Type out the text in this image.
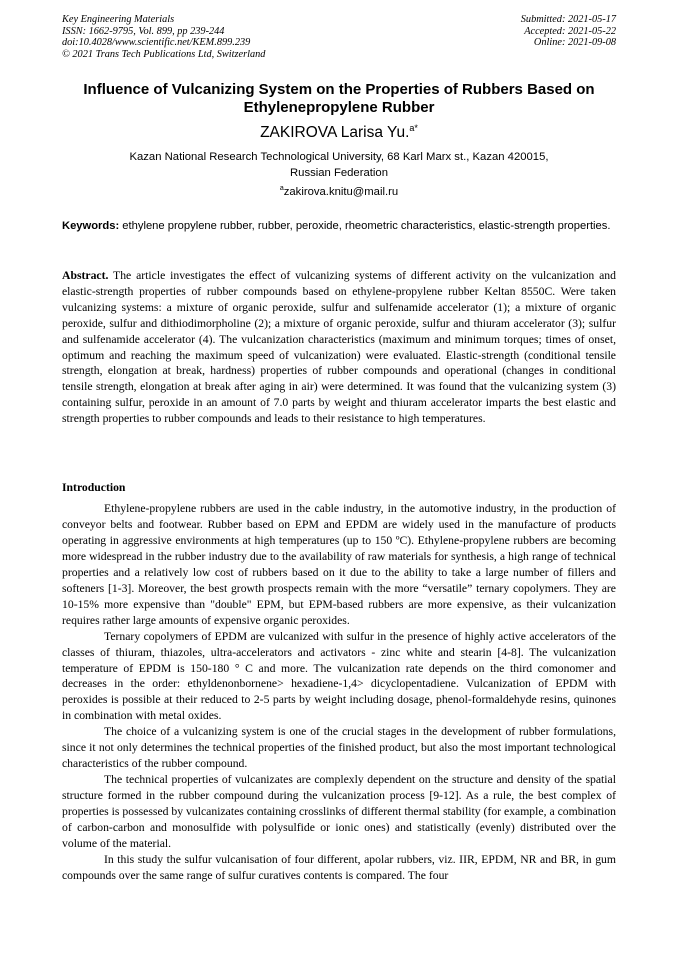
Key Engineering Materials
ISSN: 1662-9795, Vol. 899, pp 239-244
doi:10.4028/www.scientific.net/KEM.899.239
© 2021 Trans Tech Publications Ltd, Switzerland
Submitted: 2021-05-17
Accepted: 2021-05-22
Online: 2021-09-08
Influence of Vulcanizing System on the Properties of Rubbers Based on Ethylenepropylene Rubber
ZAKIROVA Larisa Yu.$^{a*}$
Kazan National Research Technological University, 68 Karl Marx st., Kazan 420015,
Russian Federation
$^a$zakirova.knitu@mail.ru
Keywords: ethylene propylene rubber, rubber, peroxide, rheometric characteristics, elastic-strength properties.
Abstract. The article investigates the effect of vulcanizing systems of different activity on the vulcanization and elastic-strength properties of rubber compounds based on ethylene-propylene rubber Keltan 8550C. Were taken vulcanizing systems: a mixture of organic peroxide, sulfur and sulfenamide accelerator (1); a mixture of organic peroxide, sulfur and dithiodimorpholine (2); a mixture of organic peroxide, sulfur and thiuram accelerator (3); sulfur and sulfenamide accelerator (4). The vulcanization characteristics (maximum and minimum torques; times of onset, optimum and reaching the maximum speed of vulcanization) were evaluated. Elastic-strength (conditional tensile strength, elongation at break, hardness) properties of rubber compounds and operational (changes in conditional tensile strength, elongation at break after aging in air) were determined. It was found that the vulcanizing system (3) containing sulfur, peroxide in an amount of 7.0 parts by weight and thiuram accelerator imparts the best elastic and strength properties to rubber compounds and leads to their resistance to high temperatures.
Introduction

Ethylene-propylene rubbers are used in the cable industry, in the automotive industry, in the production of conveyor belts and footwear. Rubber based on EPM and EPDM are widely used in the manufacture of products operating in aggressive environments at high temperatures (up to 150 ºC). Ethylene-propylene rubbers are becoming more widespread in the rubber industry due to the availability of raw materials for synthesis, a high range of technical properties and a relatively low cost of rubbers based on it due to the ability to take a large number of fillers and softeners [1-3]. Moreover, the best growth prospects remain with the more “versatile” ternary copolymers. They are 10-15% more expensive than "double" EPM, but EPM-based rubbers are more expensive, as their vulcanization requires rather large amounts of expensive organic peroxides.

Ternary copolymers of EPDM are vulcanized with sulfur in the presence of highly active accelerators of the classes of thiuram, thiazoles, ultra-accelerators and activators - zinc white and stearin [4-8]. The vulcanization temperature of EPDM is 150-180 ° C and more. The vulcanization rate depends on the third comonomer and decreases in the order: ethyldenonbornene> hexadiene-1,4> dicyclopentadiene. Vulcanization of EPDM with peroxides is possible at their reduced to 2-5 parts by weight including dosage, phenol-formaldehyde resins, quinones in combination with metal oxides.

The choice of a vulcanizing system is one of the crucial stages in the development of rubber formulations, since it not only determines the technical properties of the finished product, but also the most important technological characteristics of the rubber compound.

The technical properties of vulcanizates are complexly dependent on the structure and density of the spatial structure formed in the rubber compound during the vulcanization process [9-12]. As a rule, the best complex of properties is possessed by vulcanizates containing crosslinks of different thermal stability (for example, a combination of carbon-carbon and monosulfide with polysulfide or ionic ones) and statistically (evenly) distributed over the volume of the material.

In this study the sulfur vulcanisation of four different, apolar rubbers, viz. IIR, EPDM, NR and BR, in gum compounds over the same range of sulfur curatives contents is compared. The four
